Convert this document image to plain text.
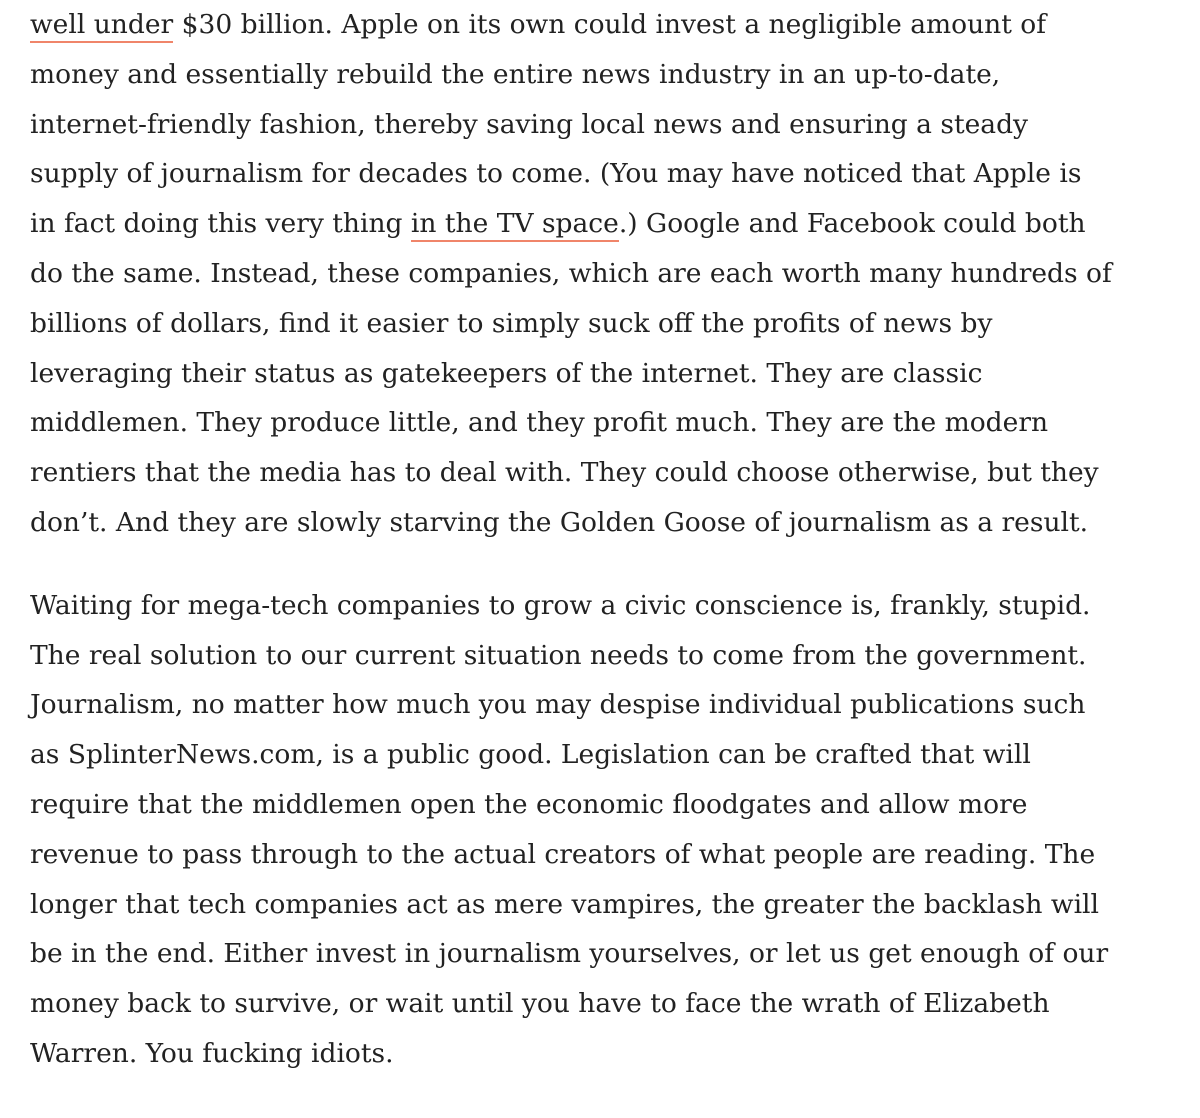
well under $30 billion. Apple on its own could invest a negligible amount of
money and essentially rebuild the entire news industry in an up-to-date,
internet-friendly fashion, thereby saving local news and ensuring a steady
supply of journalism for decades to come. (You may have noticed that Apple is
in fact doing this very thing in the TV space.) Google and Facebook could both
do the same. Instead, these companies, which are each worth many hundreds of
billions of dollars, find it easier to simply suck off the profits of news by
leveraging their status as gatekeepers of the internet. They are classic
middlemen. They produce little, and they profit much. They are the modern
rentiers that the media has to deal with. They could choose otherwise, but they
don’t. And they are slowly starving the Golden Goose of journalism as a result.

Waiting for mega-tech companies to grow a civic conscience is, frankly, stupid.
The real solution to our current situation needs to come from the government.
Journalism, no matter how much you may despise individual publications such
as SplinterNews.com, is a public good. Legislation can be crafted that will
require that the middlemen open the economic floodgates and allow more
revenue to pass through to the actual creators of what people are reading. The
longer that tech companies act as mere vampires, the greater the backlash will
be in the end. Either invest in journalism yourselves, or let us get enough of our
money back to survive, or wait until you have to face the wrath of Elizabeth
Warren. You fucking idiots.
